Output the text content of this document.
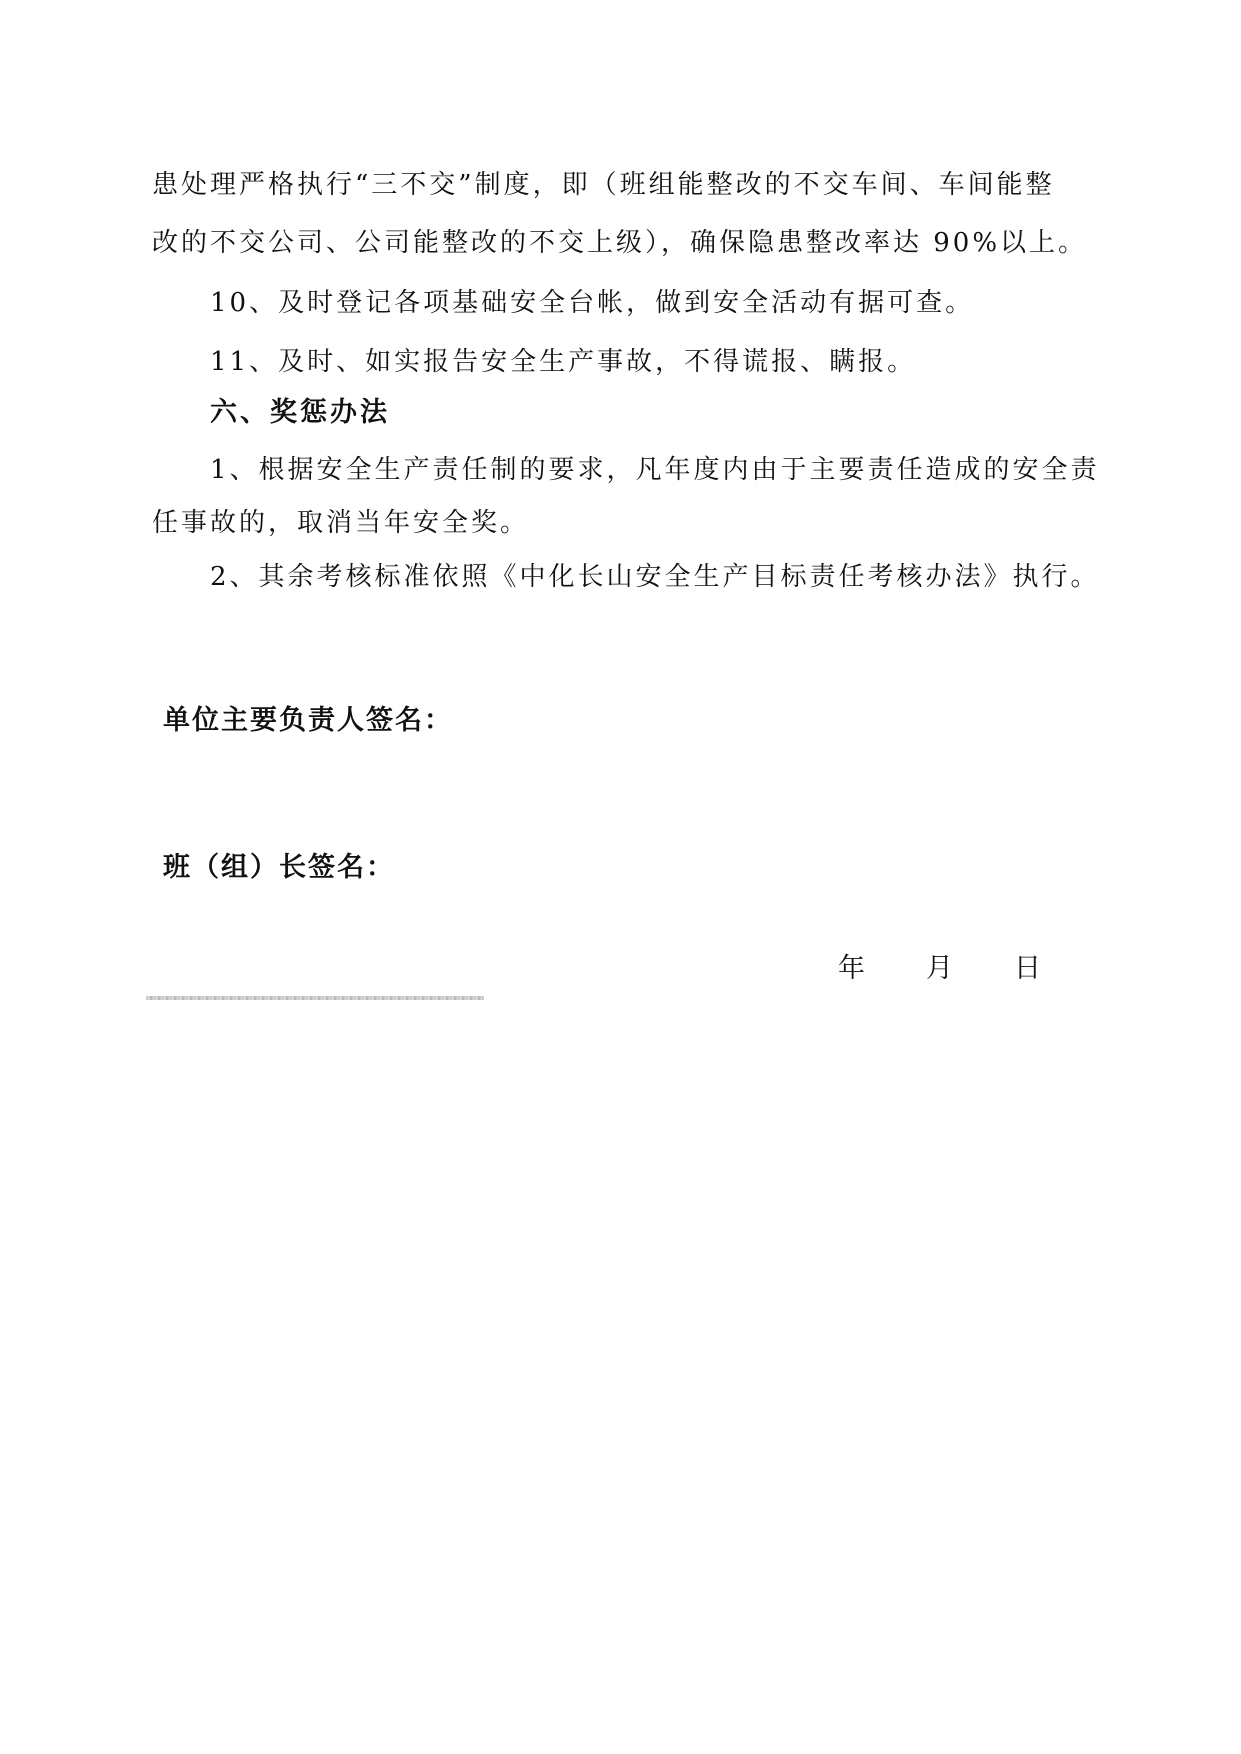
患处理严格执行“三不交”制度，即（班组能整改的不交车间、车间能整
改的不交公司、公司能整改的不交上级），确保隐患整改率达 90%以上。
10、及时登记各项基础安全台帐，做到安全活动有据可查。
11、及时、如实报告安全生产事故，不得谎报、瞒报。
六、奖惩办法
1、根据安全生产责任制的要求，凡年度内由于主要责任造成的安全责
任事故的，取消当年安全奖。
2、其余考核标准依照《中化长山安全生产目标责任考核办法》执行。
单位主要负责人签名：
班（组）长签名：
年 月 日
